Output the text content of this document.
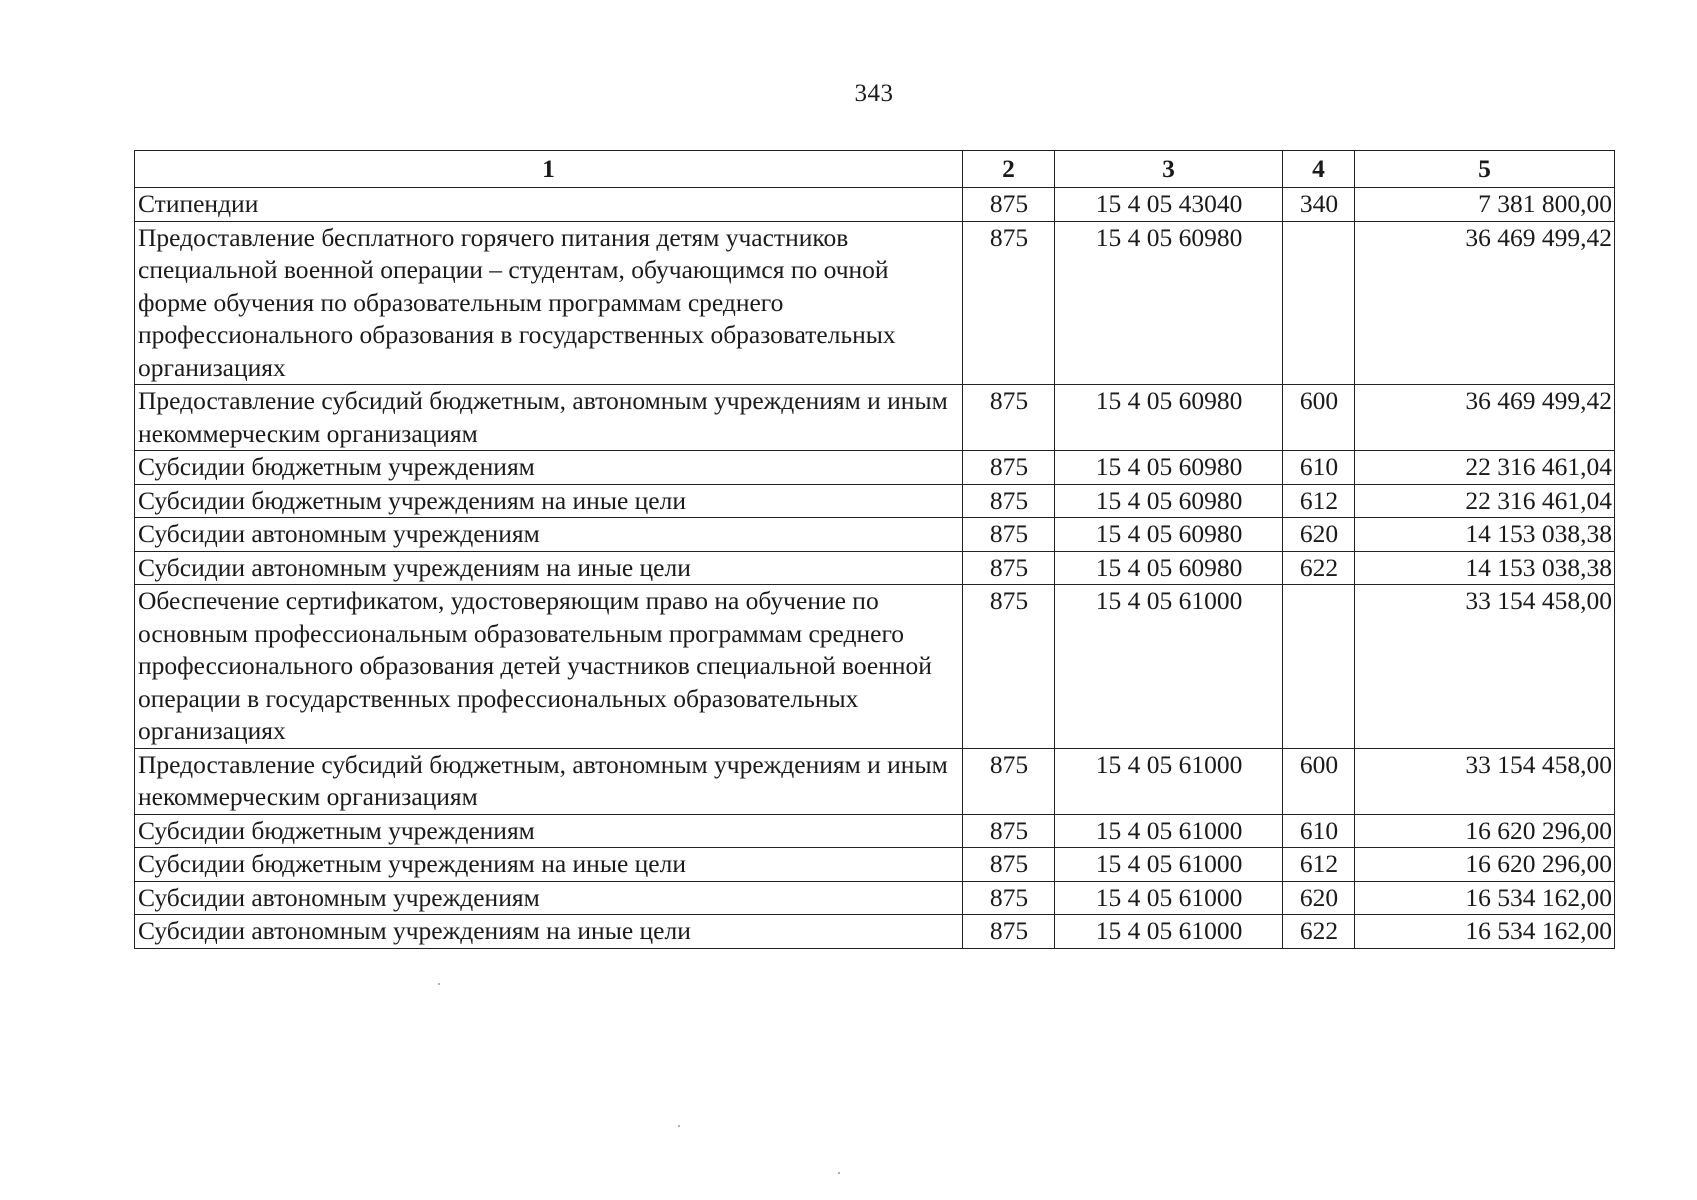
343
1	2	3	4	5
Стипендии	875	15 4 05 43040	340	7 381 800,00
Предоставление бесплатного горячего питания детям участников специальной военной операции – студентам, обучающимся по очной форме обучения по образовательным программам среднего профессионального образования в государственных образовательных организациях	875	15 4 05 60980		36 469 499,42
Предоставление субсидий бюджетным, автономным учреждениям и иным некоммерческим организациям	875	15 4 05 60980	600	36 469 499,42
Субсидии бюджетным учреждениям	875	15 4 05 60980	610	22 316 461,04
Субсидии бюджетным учреждениям на иные цели	875	15 4 05 60980	612	22 316 461,04
Субсидии автономным учреждениям	875	15 4 05 60980	620	14 153 038,38
Субсидии автономным учреждениям на иные цели	875	15 4 05 60980	622	14 153 038,38
Обеспечение сертификатом, удостоверяющим право на обучение по основным профессиональным образовательным программам среднего профессионального образования детей участников специальной военной операции в государственных профессиональных образовательных организациях	875	15 4 05 61000		33 154 458,00
Предоставление субсидий бюджетным, автономным учреждениям и иным некоммерческим организациям	875	15 4 05 61000	600	33 154 458,00
Субсидии бюджетным учреждениям	875	15 4 05 61000	610	16 620 296,00
Субсидии бюджетным учреждениям на иные цели	875	15 4 05 61000	612	16 620 296,00
Субсидии автономным учреждениям	875	15 4 05 61000	620	16 534 162,00
Субсидии автономным учреждениям на иные цели	875	15 4 05 61000	622	16 534 162,00
